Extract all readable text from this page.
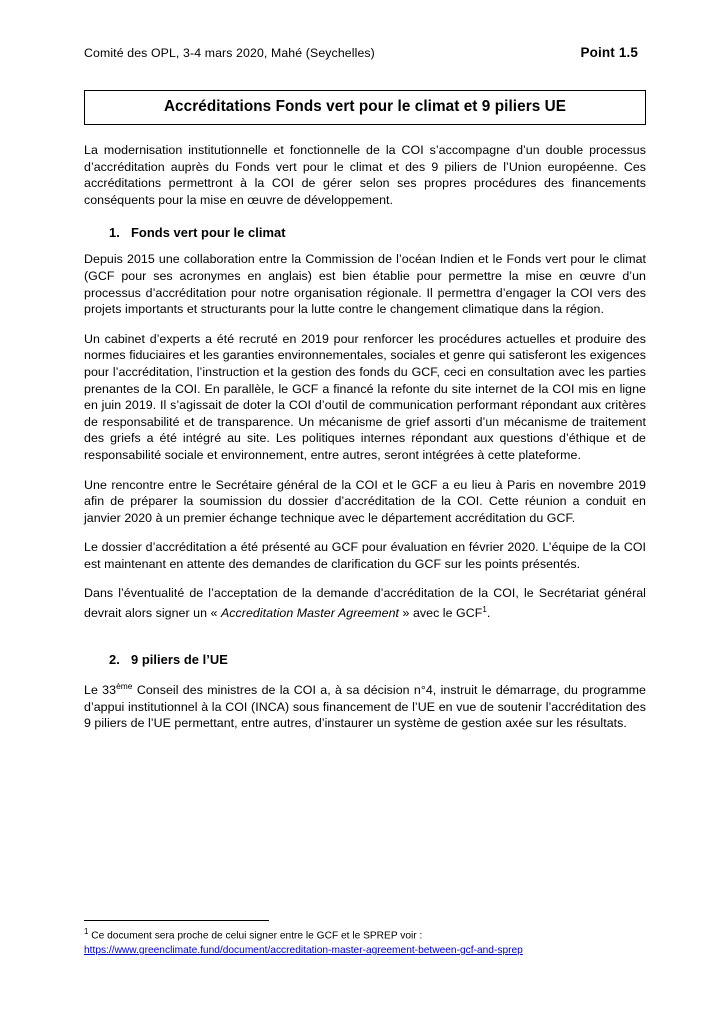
Comité des OPL, 3-4 mars 2020, Mahé (Seychelles)	Point 1.5
Accréditations Fonds vert pour le climat et 9 piliers UE

La modernisation institutionnelle et fonctionnelle de la COI s’accompagne d’un double processus d’accréditation auprès du Fonds vert pour le climat et des 9 piliers de l’Union européenne. Ces accréditations permettront à la COI de gérer selon ses propres procédures des financements conséquents pour la mise en œuvre de développement.

1. Fonds vert pour le climat

Depuis 2015 une collaboration entre la Commission de l’océan Indien et le Fonds vert pour le climat (GCF pour ses acronymes en anglais) est bien établie pour permettre la mise en œuvre d’un processus d’accréditation pour notre organisation régionale. Il permettra d’engager la COI vers des projets importants et structurants pour la lutte contre le changement climatique dans la région.

Un cabinet d’experts a été recruté en 2019 pour renforcer les procédures actuelles et produire des normes fiduciaires et les garanties environnementales, sociales et genre qui satisferont les exigences pour l’accréditation, l’instruction et la gestion des fonds du GCF, ceci en consultation avec les parties prenantes de la COI. En parallèle, le GCF a financé la refonte du site internet de la COI mis en ligne en juin 2019. Il s’agissait de doter la COI d’outil de communication performant répondant aux critères de responsabilité et de transparence. Un mécanisme de grief assorti d’un mécanisme de traitement des griefs a été intégré au site. Les politiques internes répondant aux questions d’éthique et de responsabilité sociale et environnement, entre autres, seront intégrées à cette plateforme.

Une rencontre entre le Secrétaire général de la COI et le GCF a eu lieu à Paris en novembre 2019 afin de préparer la soumission du dossier d’accréditation de la COI. Cette réunion a conduit en janvier 2020 à un premier échange technique avec le département accréditation du GCF.

Le dossier d’accréditation a été présenté au GCF pour évaluation en février 2020. L’équipe de la COI est maintenant en attente des demandes de clarification du GCF sur les points présentés.

Dans l’éventualité de l’acceptation de la demande d’accréditation de la COI, le Secrétariat général devrait alors signer un « Accreditation Master Agreement » avec le GCF$^1$.

2. 9 piliers de l’UE

Le 33ème Conseil des ministres de la COI a, à sa décision n°4, instruit le démarrage, du programme d’appui institutionnel à la COI (INCA) sous financement de l’UE en vue de soutenir l’accréditation des 9 piliers de l’UE permettant, entre autres, d’instaurer un système de gestion axée sur les résultats.

$^1$ Ce document sera proche de celui signer entre le GCF et le SPREP voir :

https://www.greenclimate.fund/document/accreditation-master-agreement-between-gcf-and-sprep
